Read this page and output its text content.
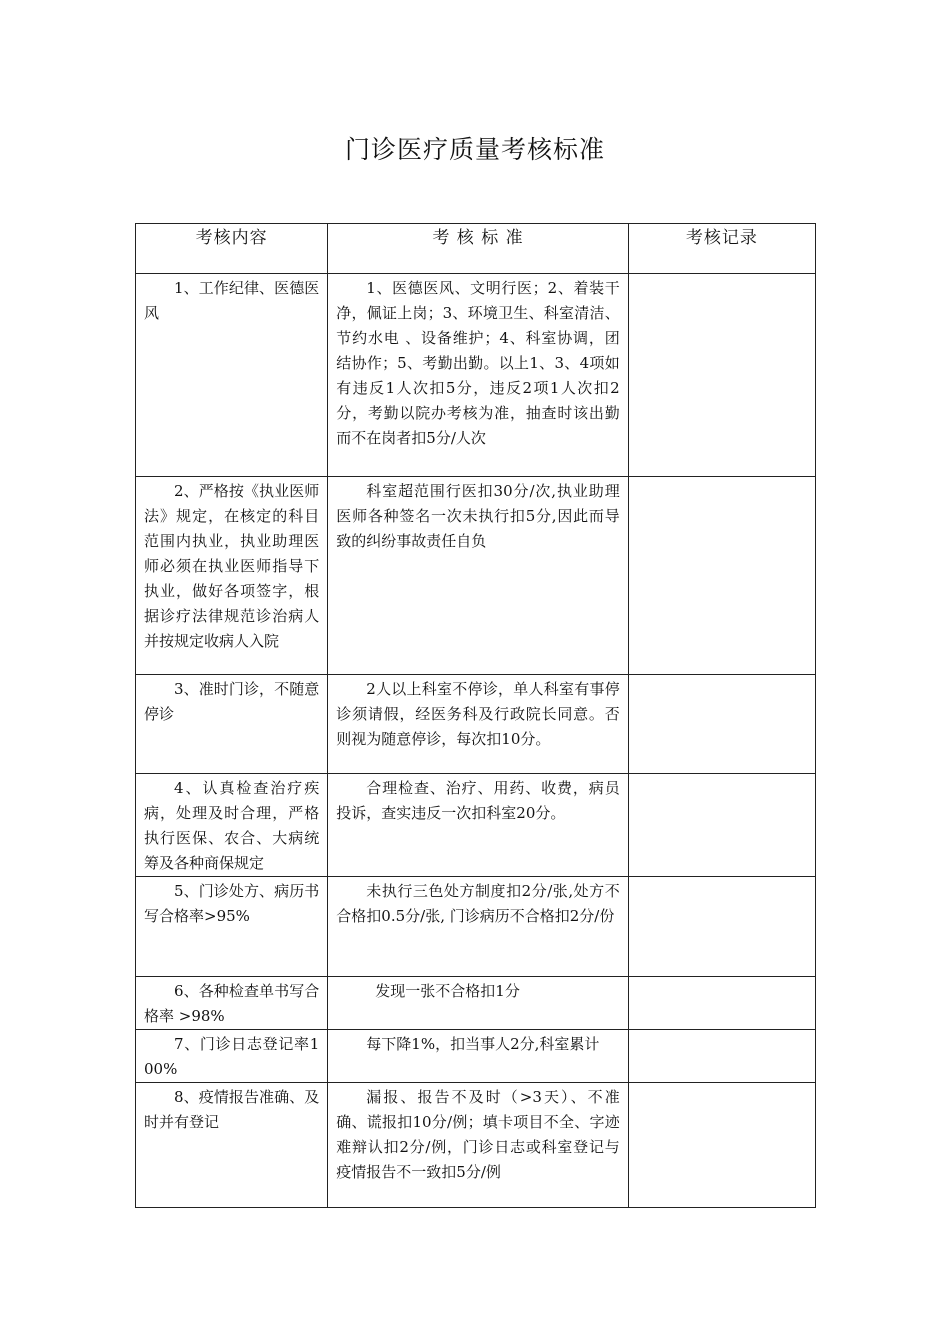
门诊医疗质量考核标准
考核内容	考 核 标 准	考核记录

1、工作纪律、医德医风	1、医德医风、文明行医；2、着装干净，佩证上岗；3、环境卫生、科室清洁、节约水电 、设备维护；4、科室协调，团结协作；5、考勤出勤。以上1、3、4项如有违反1人次扣5分，违反2项1人次扣2分，考勤以院办考核为准，抽查时该出勤而不在岗者扣5分/人次	

2、严格按《执业医师法》规定，在核定的科目范围内执业，执业助理医师必须在执业医师指导下执业，做好各项签字，根据诊疗法律规范诊治病人并按规定收病人入院	科室超范围行医扣30分/次,执业助理医师各种签名一次未执行扣5分,因此而导致的纠纷事故责任自负	

3、准时门诊，不随意停诊	2人以上科室不停诊，单人科室有事停诊须请假，经医务科及行政院长同意。否则视为随意停诊，每次扣10分。	

4、认真检查治疗疾病，处理及时合理，严格执行医保、农合、大病统筹及各种商保规定	合理检查、治疗、用药、收费，病员投诉，查实违反一次扣科室20分。	

5、门诊处方、病历书写合格率>95%	未执行三色处方制度扣2分/张,处方不合格扣0.5分/张, 门诊病历不合格扣2分/份	

6、各种检查单书写合格率 >98%	发现一张不合格扣1分	

7、门诊日志登记率100%	每下降1%，扣当事人2分,科室累计	

8、疫情报告准确、及时并有登记	漏报、报告不及时（>3天）、不准确、谎报扣10分/例；填卡项目不全、字迹难辩认扣2分/例，门诊日志或科室登记与疫情报告不一致扣5分/例	
